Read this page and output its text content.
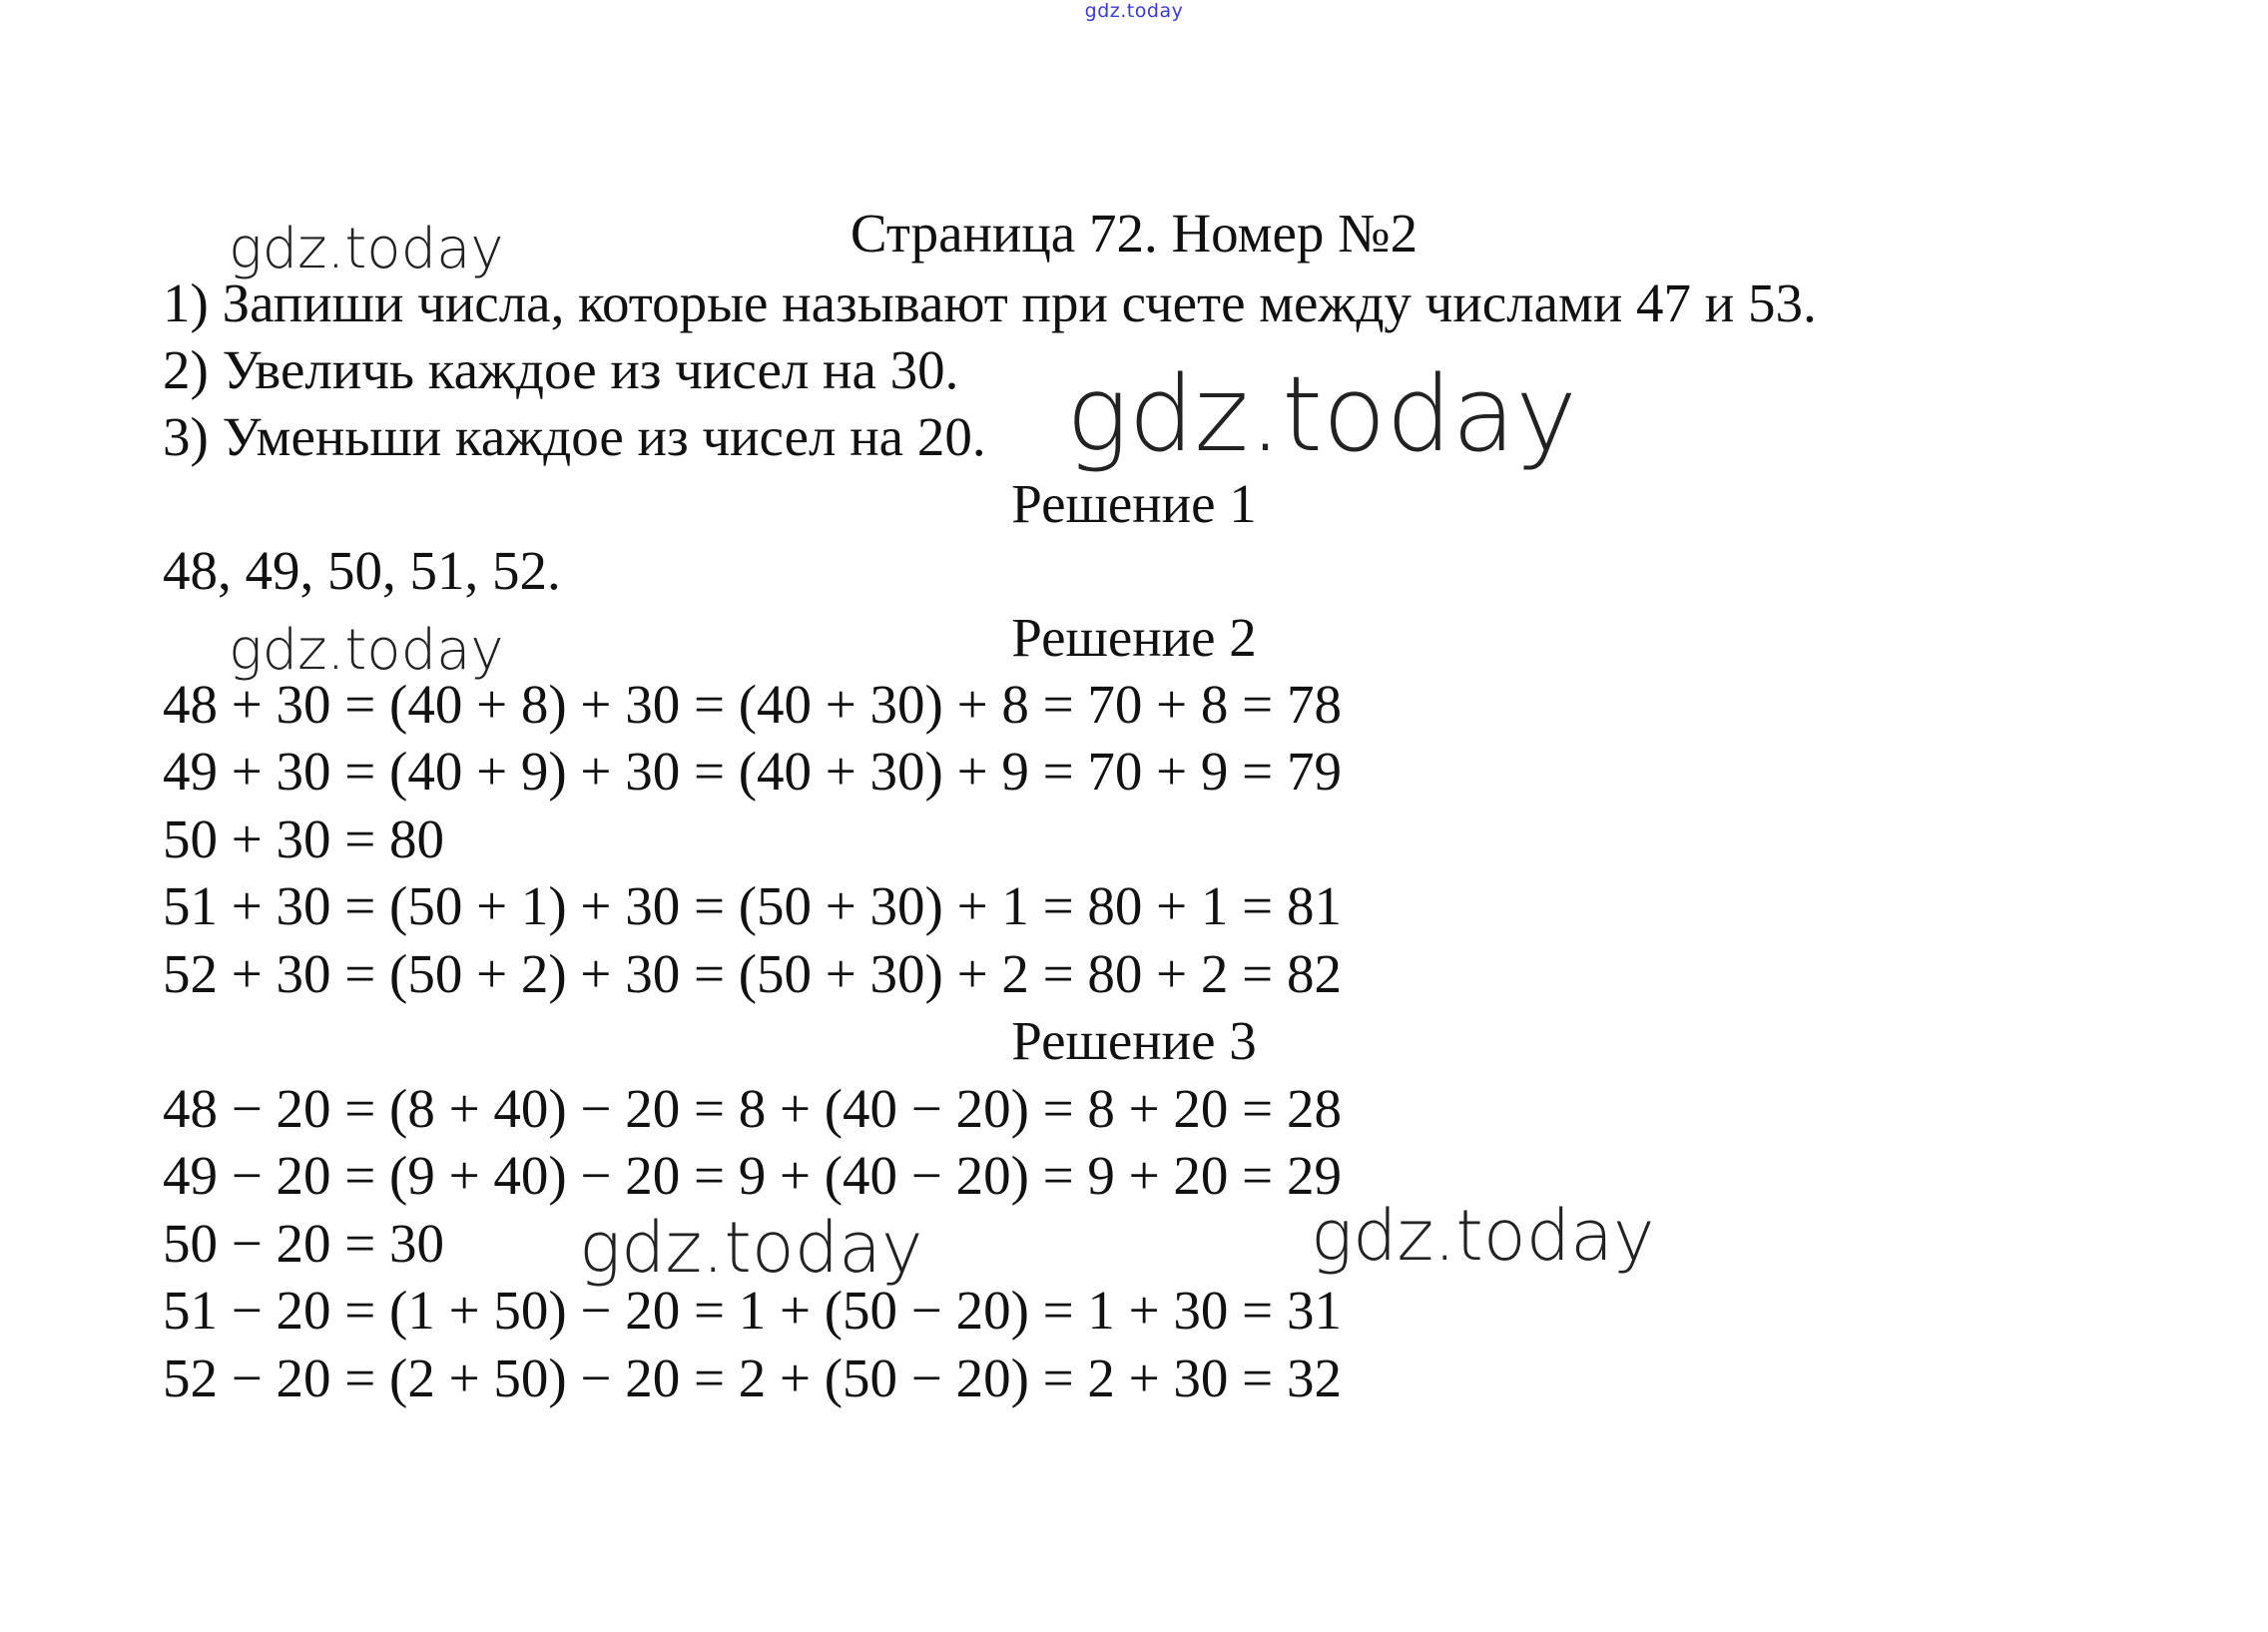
gdz.today
Страница 72. Номер №2
gdz.today
1) Запиши числа, которые называют при счете между числами 47 и 53.
2) Увеличь каждое из чисел на 30.
3) Уменьши каждое из чисел на 20. gdz.today
Решение 1
48, 49, 50, 51, 52.
gdz.today	Решение 2
48 + 30 = (40 + 8) + 30 = (40 + 30) + 8 = 70 + 8 = 78
49 + 30 = (40 + 9) + 30 = (40 + 30) + 9 = 70 + 9 = 79
50 + 30 = 80
51 + 30 = (50 + 1) + 30 = (50 + 30) + 1 = 80 + 1 = 81
52 + 30 = (50 + 2) + 30 = (50 + 30) + 2 = 80 + 2 = 82
Решение 3
48 − 20 = (8 + 40) − 20 = 8 + (40 − 20) = 8 + 20 = 28
49 − 20 = (9 + 40) − 20 = 9 + (40 − 20) = 9 + 20 = 29
50 − 20 = 30
51 − 20 = (1 + 50) − 20 = 1 + (50 − 20) = 1 + 30 = 31
52 − 20 = (2 + 50) − 20 = 2 + (50 − 20) = 2 + 30 = 32
gdz.today	gdz.today
